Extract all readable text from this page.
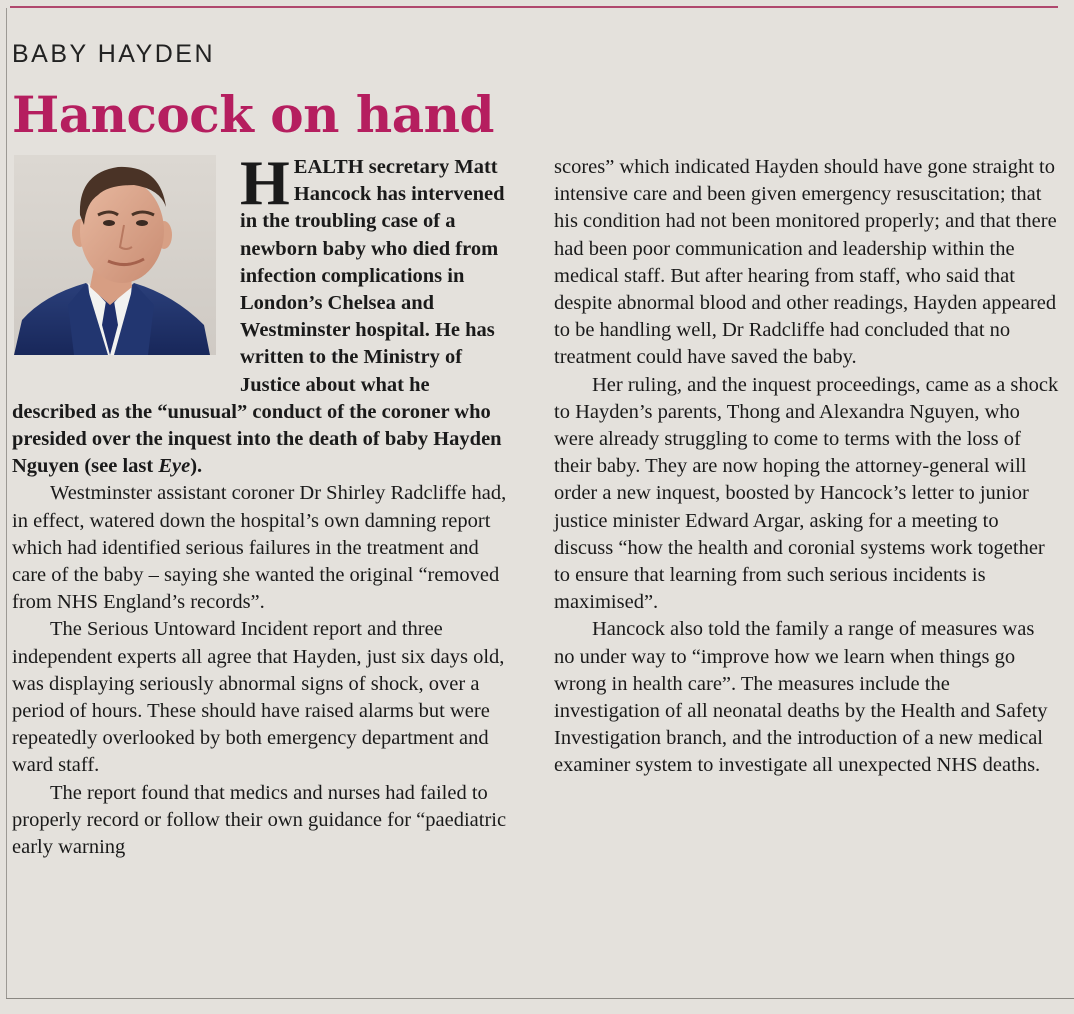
BABY HAYDEN
Hancock on hand

HEALTH secretary Matt Hancock has intervened in the troubling case of a newborn baby who died from infection complications in London’s Chelsea and Westminster hospital. He has written to the Ministry of Justice about what he described as the “unusual” conduct of the coroner who presided over the inquest into the death of baby Hayden Nguyen (see last Eye).

Westminster assistant coroner Dr Shirley Radcliffe had, in effect, watered down the hospital’s own damning report which had identified serious failures in the treatment and care of the baby – saying she wanted the original “removed from NHS England’s records”.

The Serious Untoward Incident report and three independent experts all agree that Hayden, just six days old, was displaying seriously abnormal signs of shock, over a period of hours. These should have raised alarms but were repeatedly overlooked by both emergency department and ward staff.

The report found that medics and nurses had failed to properly record or follow their own guidance for “paediatric early warning

scores” which indicated Hayden should have gone straight to intensive care and been given emergency resuscitation; that his condition had not been monitored properly; and that there had been poor communication and leadership within the medical staff. But after hearing from staff, who said that despite abnormal blood and other readings, Hayden appeared to be handling well, Dr Radcliffe had concluded that no treatment could have saved the baby.

Her ruling, and the inquest proceedings, came as a shock to Hayden’s parents, Thong and Alexandra Nguyen, who were already struggling to come to terms with the loss of their baby. They are now hoping the attorney-general will order a new inquest, boosted by Hancock’s letter to junior justice minister Edward Argar, asking for a meeting to discuss “how the health and coronial systems work together to ensure that learning from such serious incidents is maximised”.

Hancock also told the family a range of measures was no under way to “improve how we learn when things go wrong in health care”. The measures include the investigation of all neonatal deaths by the Health and Safety Investigation branch, and the introduction of a new medical examiner system to investigate all unexpected NHS deaths.
